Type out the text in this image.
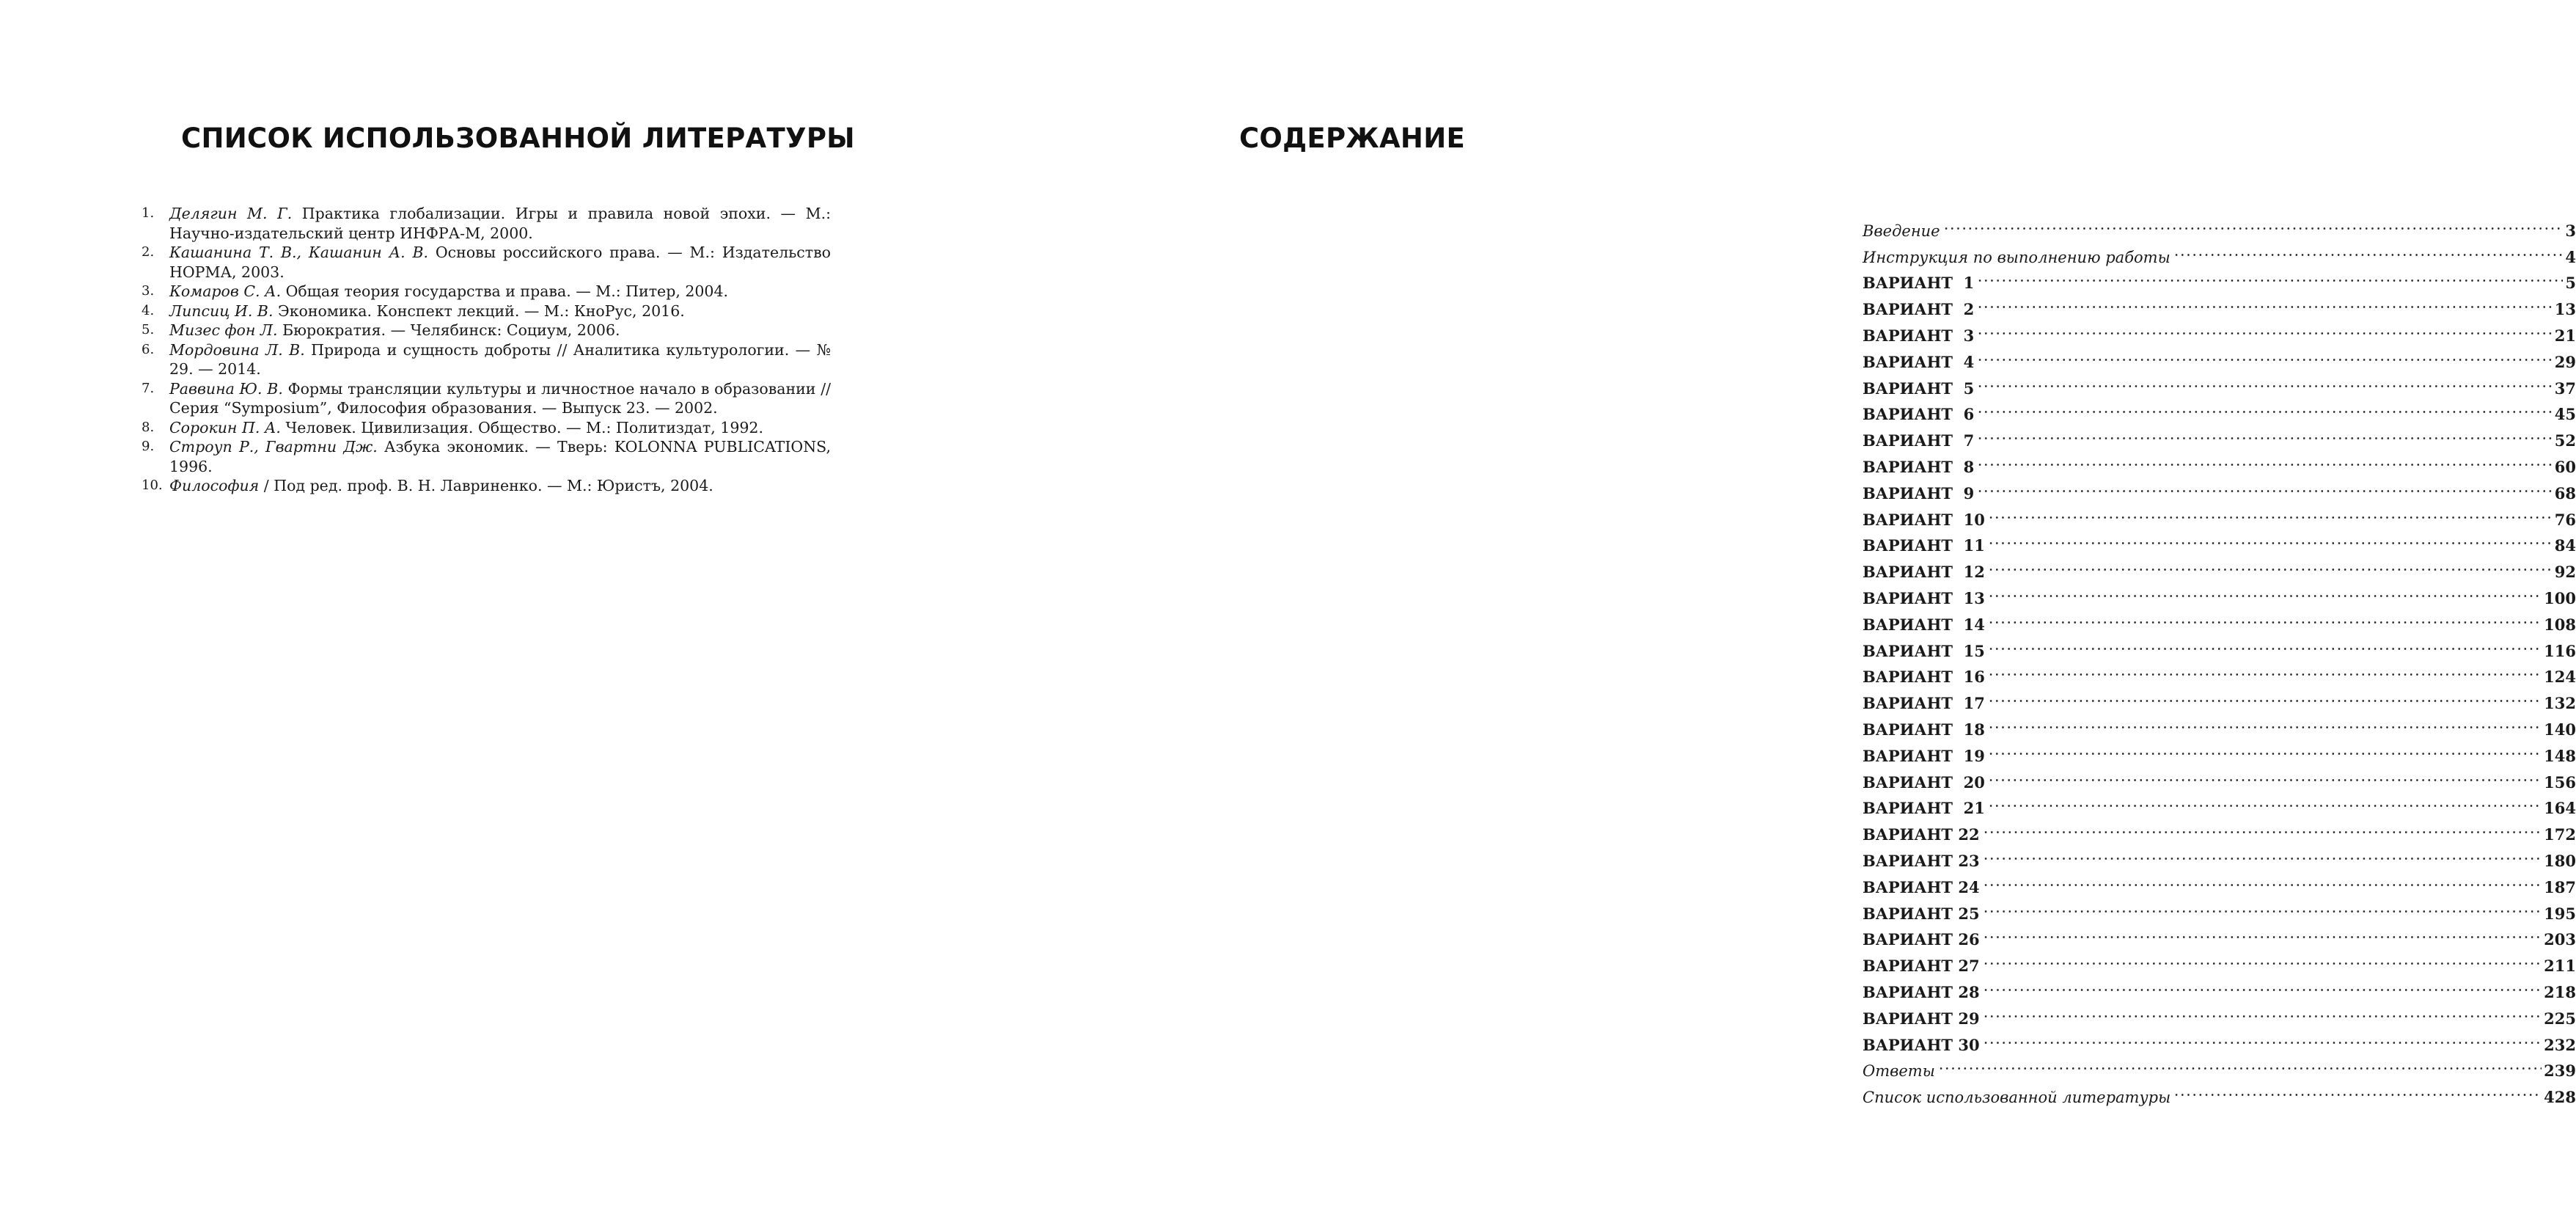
СПИСОК ИСПОЛЬЗОВАННОЙ ЛИТЕРАТУРЫ
1. Делягин М. Г. Практика глобализации. Игры и правила новой эпохи. — М.: Научно-издательский центр ИНФРА-М, 2000.
2. Кашанина Т. В., Кашанин А. В. Основы российского права. — М.: Издательство НОРМА, 2003.
3. Комаров С. А. Общая теория государства и права. — М.: Питер, 2004.
4. Липсиц И. В. Экономика. Конспект лекций. — М.: КноРус, 2016.
5. Мизес фон Л. Бюрократия. — Челябинск: Социум, 2006.
6. Мордовина Л. В. Природа и сущность доброты // Аналитика культурологии. — № 29. — 2014.
7. Раввина Ю. В. Формы трансляции культуры и личностное начало в образовании // Серия “Symposium”, Философия образования. — Выпуск 23. — 2002.
8. Сорокин П. А. Человек. Цивилизация. Общество. — М.: Политиздат, 1992.
9. Строуп Р., Гвартни Дж. Азбука экономик. — Тверь: KOLONNA PUBLICATIONS, 1996.
10. Философия / Под ред. проф. В. Н. Лавриненко. — М.: Юристъ, 2004.
СОДЕРЖАНИЕ
Введение	3
Инструкция по выполнению работы	4
ВАРИАНТ  1	5
ВАРИАНТ  2	13
ВАРИАНТ  3	21
ВАРИАНТ  4	29
ВАРИАНТ  5	37
ВАРИАНТ  6	45
ВАРИАНТ  7	52
ВАРИАНТ  8	60
ВАРИАНТ  9	68
ВАРИАНТ  10	76
ВАРИАНТ  11	84
ВАРИАНТ  12	92
ВАРИАНТ  13	100
ВАРИАНТ  14	108
ВАРИАНТ  15	116
ВАРИАНТ  16	124
ВАРИАНТ  17	132
ВАРИАНТ  18	140
ВАРИАНТ  19	148
ВАРИАНТ  20	156
ВАРИАНТ  21	164
ВАРИАНТ 22	172
ВАРИАНТ 23	180
ВАРИАНТ 24	187
ВАРИАНТ 25	195
ВАРИАНТ 26	203
ВАРИАНТ 27	211
ВАРИАНТ 28	218
ВАРИАНТ 29	225
ВАРИАНТ 30	232
Ответы	239
Список использованной литературы	428
